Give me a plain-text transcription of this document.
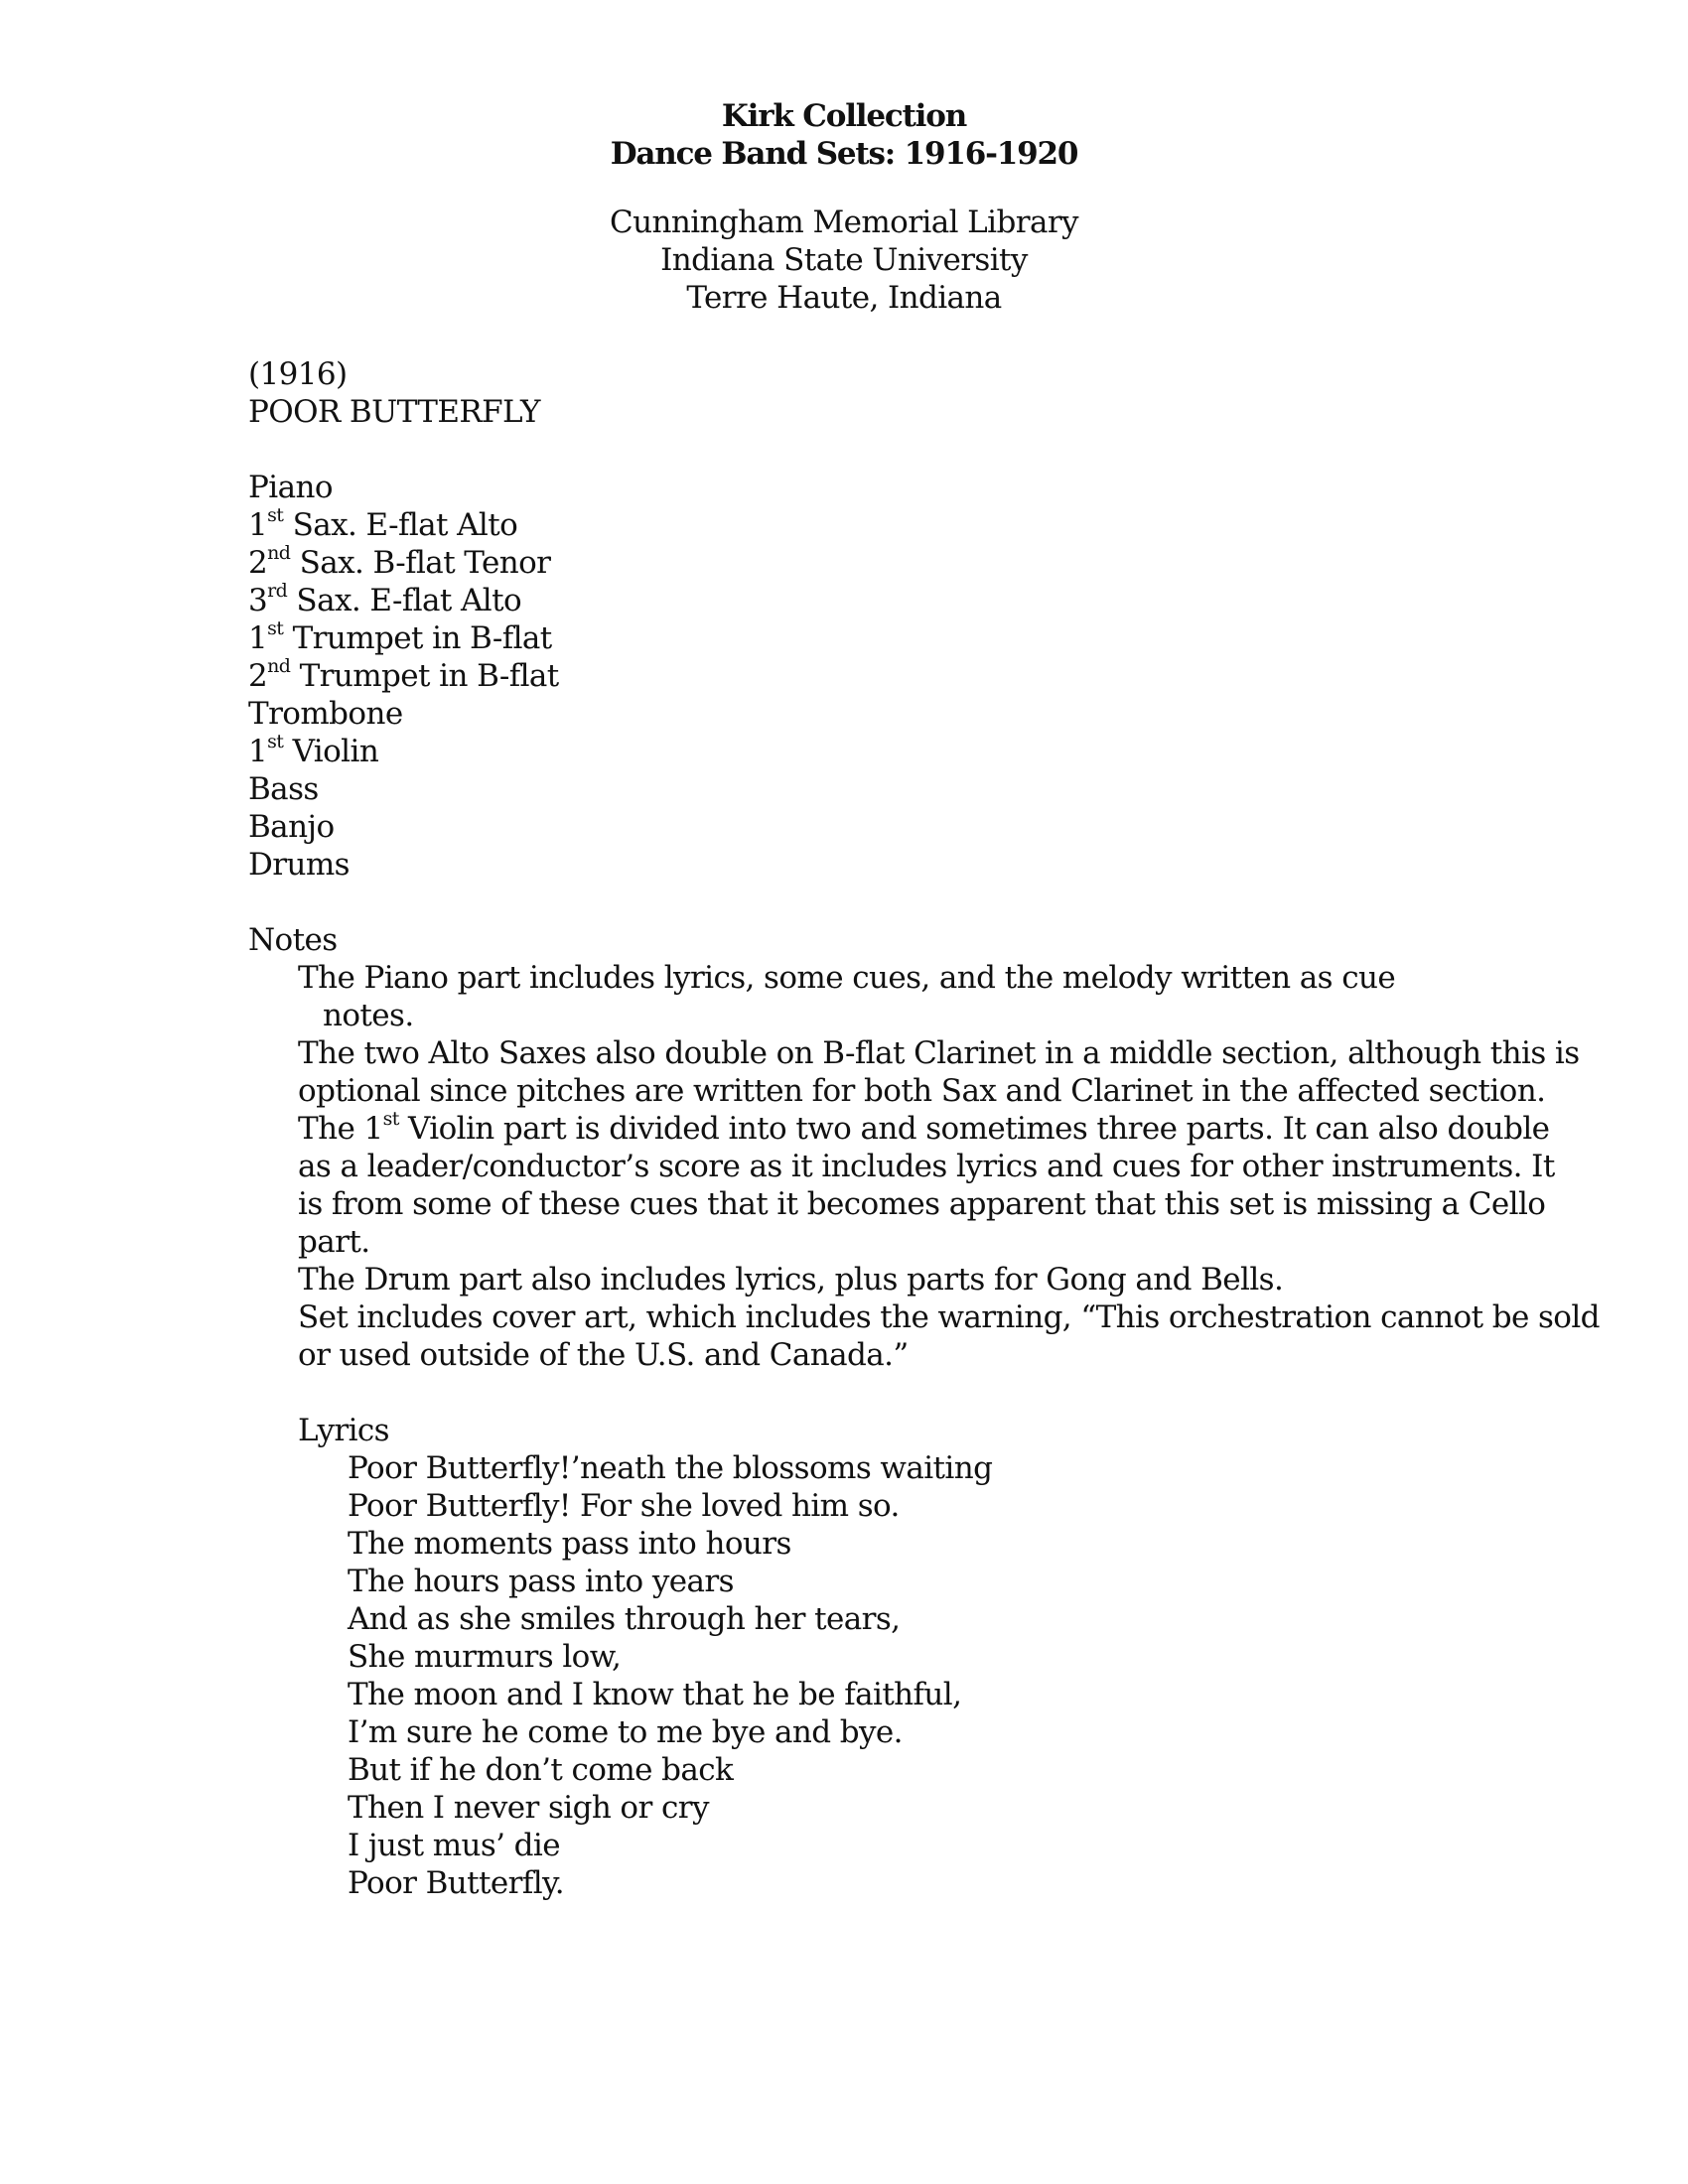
Kirk Collection
Dance Band Sets: 1916-1920
Cunningham Memorial Library
Indiana State University
Terre Haute, Indiana
(1916)
POOR BUTTERFLY
Piano
1st Sax. E-flat Alto
2nd Sax. B-flat Tenor
3rd Sax. E-flat Alto
1st Trumpet in B-flat
2nd Trumpet in B-flat
Trombone
1st Violin
Bass
Banjo
Drums
Notes
The Piano part includes lyrics, some cues, and the melody written as cue notes.
The two Alto Saxes also double on B-flat Clarinet in a middle section, although this is
optional since pitches are written for both Sax and Clarinet in the affected section.
The 1st Violin part is divided into two and sometimes three parts. It can also double
as a leader/conductor’s score as it includes lyrics and cues for other instruments. It
is from some of these cues that it becomes apparent that this set is missing a Cello
part.
The Drum part also includes lyrics, plus parts for Gong and Bells.
Set includes cover art, which includes the warning, “This orchestration cannot be sold
or used outside of the U.S. and Canada.”
Lyrics
Poor Butterfly!’neath the blossoms waiting
Poor Butterfly! For she loved him so.
The moments pass into hours
The hours pass into years
And as she smiles through her tears,
She murmurs low,
The moon and I know that he be faithful,
I’m sure he come to me bye and bye.
But if he don’t come back
Then I never sigh or cry
I just mus’ die
Poor Butterfly.
